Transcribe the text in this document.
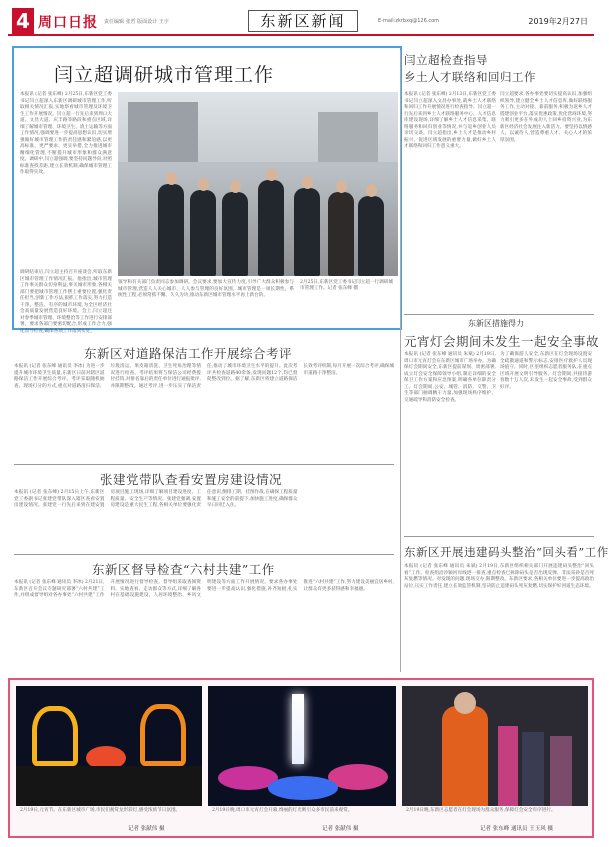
4 周口日报 责任编辑 张哲 版面设计 王宇	东新区新闻	E-mail:zkrbxq@126.com	2019年2月27日
闫立超调研城市管理工作
本报讯 (记者 张东峰) 2月25日,东新区党工委书记闫立超深入东新区调研城市管理工作,听取相关情况汇报,实地察看城市管理及环境卫生工作开展情况。闫立超一行先后来到周口大道、文昌大道、庆丰路等路段和重点区域,详细了解城市管理、环境卫生、渣土运输等方面工作情况,强调要进一步提高思想认识,切实增强做好城市管理工作的责任感和紧迫感,以更高标准、更严要求、更实举措,全力推进城市精细化管理,不断提升城市形象和群众满意度。调研中,闫立超强调,要坚持问题导向,对照标准查找差距,建立长效机制,确保城市管理工作取得实效。
调研结束后,闫立超主持召开座谈会,听取东新区城市管理工作情况汇报。他指出,城市管理工作事关群众切身利益,事关城市形象,各相关部门要把城市管理工作摆上重要位置,强化责任担当,创新工作方法,狠抓工作落实,努力打造干净、整洁、有序的城市环境,为全区经济社会高质量发展营造良好环境。会上,闫立超还对春季城市管理、环境整治等工作进行安排部署。要求各部门要密切配合,形成工作合力,强化督导检查,确保各项工作落到实处。
领导和有关部门负责同志参加调研。会议要求,要加大宣传力度,引导广大群众积极参与城市管理,营造人人关心城市、人人参与管理的良好氛围。城市管理是一项长期性、系统性工程,必须常抓不懈、久久为功,推动东新区城市管理水平再上新台阶。
2月25日,东新区党工委书记闫立超一行调研城市管理工作。记者 张东峰 摄
闫立超检查指导
乡土人才联络和回归工作
本报讯 (记者 张东峰) 2月13日,东新区党工委书记闫立超深入文昌办事处,就乡土人才联络和回归工作开展情况进行检查指导。闫立超一行先后来到乡土人才联络服务中心、人才信息库建设现场,详细了解乡土人才信息采集、联络服务和回归创业等情况,并与返乡创业人员亲切交谈。闫立超指出,乡土人才是推动乡村振兴、促进区域发展的重要力量,做好乡土人才联络和回归工作意义重大。
闫立超要求,各办事处要切实提高认识,加强组织领导,建立健全乡土人才信息库,做好联络服务工作,主动对接、靠前服务,积极为返乡人才搭建创业平台,落实优惠政策,优化营商环境,努力吸引更多在外成功人士回乡投资兴业,为东新区经济社会发展注入新活力。要坚持以情感人、以诚待人,营造尊重人才、关心人才的浓厚氛围。
东新区措施得力
元宵灯会期间未发生一起安全事故
本报讯 (记者 张东峰 通讯员 朱斌) 2月19日,周口市元宵灯会在东新区城市广场举办。为确保灯会期间安全,东新区提前谋划、周密部署,成立灯会安全保障领导小组,制定详细的安全保卫工作方案和应急预案,明确各单位职责分工。灯会期间,公安、城管、消防、交警、卫生等部门抽调精干力量,加强现场秩序维护、交通疏导和消防安全检查。
为了确保游人安全,东新区在灯会现场设置安全疏散通道和警示标志,安排医疗救护人员现场值守。同时,区里组织志愿者服务队,在重点区域开展文明引导服务。灯会期间,共接待游客数十万人次,未发生一起安全事故,受到群众好评。
东新区开展违建码头整治“回头看”工作
本报讯 (记者 张东峰 通讯员 朱斌) 2月19日,东新区组织相关部门开展违建码头整治“回头看”工作。检查组沿沙颍河岸线逐一排查,重点检查已拆除码头是否出现反弹、非法采砂是否死灰复燃等情况。对发现的问题,现场交办,限期整改。东新区要求,各相关单位要进一步提高政治站位,压实工作责任,建立长效监管机制,坚决防止违建码头死灰复燃,切实保护好河道生态环境。
东新区对道路保洁工作开展综合考评
本报讯 (记者 张东峰 通讯员 李冰) 为进一步提升城市环境卫生质量,东新区日前对辖区道路保洁工作开展综合考评。考评采取随机抽查、现场打分的方式,重点对道路清扫保洁、垃圾清运、果皮箱清洗、卫生死角治理等情况进行检查。考评结果将与保洁公司经费拨付挂钩,对排名靠后的责任单位进行通报批评,并限期整改。通过考评,进一步压实了保洁责任,推动了城市环境卫生水平的提升。此次考评共检查道路40余条,发现问题12个,均已督促整改到位。据了解,东新区将建立道路保洁长效考评机制,每月开展一次综合考评,确保城市道路干净整洁。
张建党带队查看安置房建设情况
本报讯 (记者 张东峰) 2月15日上午,东新区党工委副书记张建党带队深入辖区查看安置房建设情况。张建党一行先后来到在建安置房项目施工现场,详细了解项目建设进度、工程质量、安全生产等情况。张建党强调,安置房建设是重大民生工程,各相关单位要强化责任意识,倒排工期、挂图作战,在确保工程质量和施工安全的前提下,加快施工进度,确保群众早日回迁入住。
东新区督导检查“六村共建”工作
本报讯 (记者 张东峰 通讯员 李冰) 2月21日,东新区召开会议专题研究部署“六村共建”工作,并组成督导组对各办事处“六村共建”工作开展情况进行督导检查。督导组采取查阅资料、实地查看、走访群众等方式,详细了解各村在基础设施建设、人居环境整治、乡风文明建设等方面工作开展情况。要求各办事处要进一步提高认识,强化措施,补齐短板,扎实推进“六村共建”工作,努力建设美丽宜居乡村,让群众有更多获得感和幸福感。
2月19日,元宵节。在东新区城市广场,市民们观赏龙形彩灯,感受浓浓节日氛围。
记者 张献伟 摄
2月19日晚,周口市元宵灯会开幕,绚丽的灯光吸引众多市民前来观赏。
记者 张献伟 摄
2月19日晚,东新区志愿者在灯会现场为群众服务,保障灯会安全有序进行。
记者 张东峰 通讯员 王玉风 摄
